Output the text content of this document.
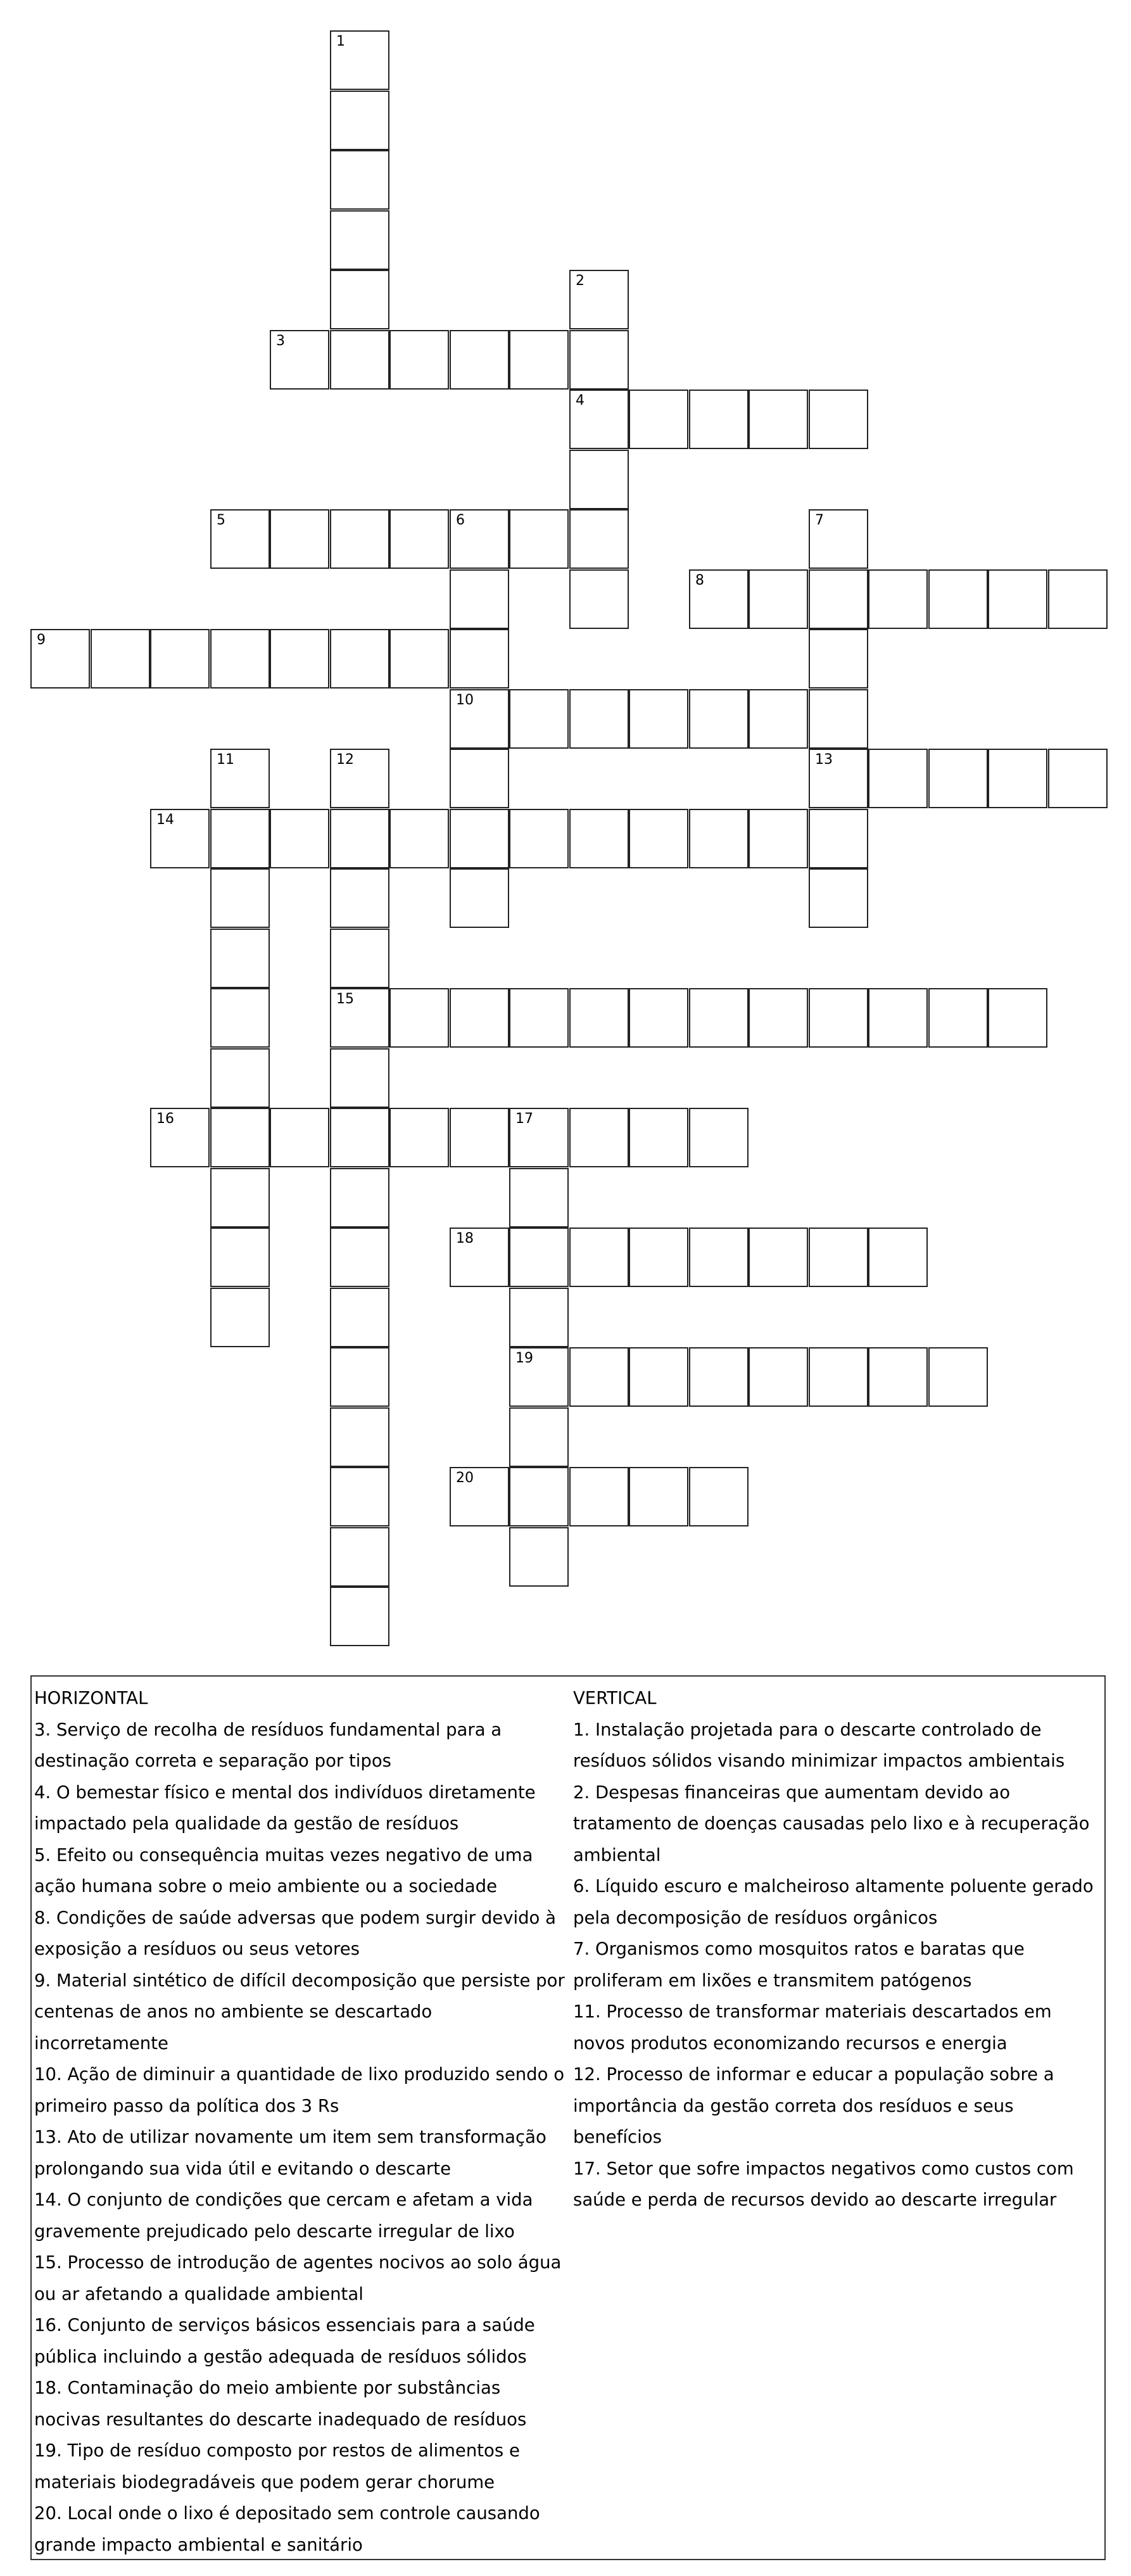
1
2
4
3
5	6
10
7
13
8
9
11	12
15
14
16	17
19
18
20
HORIZONTAL
3. Serviço de recolha de resíduos fundamental para a destinação correta e separação por tipos
4. O bemestar físico e mental dos indivíduos diretamente impactado pela qualidade da gestão de resíduos
5. Efeito ou consequência muitas vezes negativo de uma ação humana sobre o meio ambiente ou a sociedade
8. Condições de saúde adversas que podem surgir devido à exposição a resíduos ou seus vetores
9. Material sintético de difícil decomposição que persiste por centenas de anos no ambiente se descartado incorretamente
10. Ação de diminuir a quantidade de lixo produzido sendo o primeiro passo da política dos 3 Rs
13. Ato de utilizar novamente um item sem transformação prolongando sua vida útil e evitando o descarte
14. O conjunto de condições que cercam e afetam a vida gravemente prejudicado pelo descarte irregular de lixo
15. Processo de introdução de agentes nocivos ao solo água ou ar afetando a qualidade ambiental
16. Conjunto de serviços básicos essenciais para a saúde pública incluindo a gestão adequada de resíduos sólidos
18. Contaminação do meio ambiente por substâncias nocivas resultantes do descarte inadequado de resíduos
19. Tipo de resíduo composto por restos de alimentos e materiais biodegradáveis que podem gerar chorume
20. Local onde o lixo é depositado sem controle causando grande impacto ambiental e sanitário
VERTICAL
1. Instalação projetada para o descarte controlado de resíduos sólidos visando minimizar impactos ambientais
2. Despesas financeiras que aumentam devido ao tratamento de doenças causadas pelo lixo e à recuperação ambiental
6. Líquido escuro e malcheiroso altamente poluente gerado pela decomposição de resíduos orgânicos
7. Organismos como mosquitos ratos e baratas que proliferam em lixões e transmitem patógenos
11. Processo de transformar materiais descartados em novos produtos economizando recursos e energia
12. Processo de informar e educar a população sobre a importância da gestão correta dos resíduos e seus benefícios
17. Setor que sofre impactos negativos como custos com saúde e perda de recursos devido ao descarte irregular
